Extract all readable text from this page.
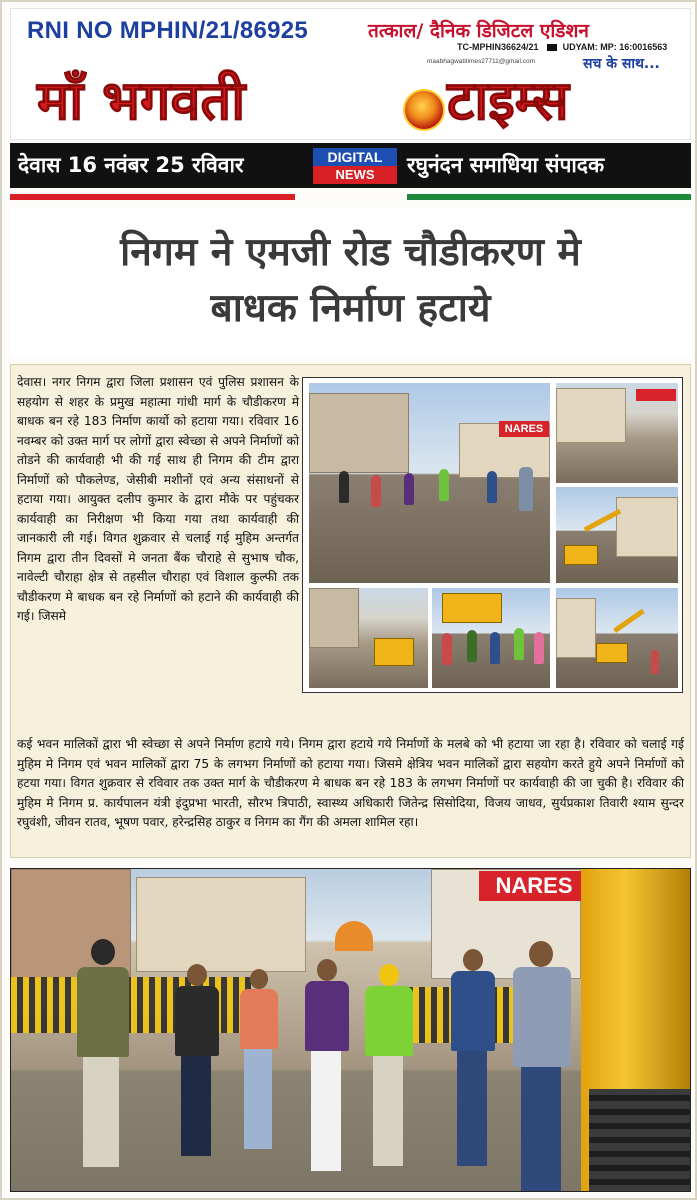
RNI NO MPHIN/21/86925	तत्काल/ दैनिक डिजिटल एडिशन
TC-MPHIN36624/21	UDYAM: MP: 16:0016563
maabhagwatitimes27711@gmail.com	सच के साथ...
माँ भगवती	टाइम्स
देवास 16 नवंबर 25 रविवार	DIGITAL
NEWS	रघुनंदन समाधिया संपादक
निगम ने एमजी रोड चौडीकरण मे
बाधक निर्माण हटाये
देवास। नगर निगम द्वारा जिला प्रशासन एवं पुलिस प्रशासन के सहयोग से शहर के प्रमुख महात्मा गांधी मार्ग के चौडीकरण मे बाधक बन रहे 183 निर्माण कार्यो को हटाया गया। रविवार 16 नवम्बर को उक्त मार्ग पर लोगों द्वारा स्वेच्छा से अपने निर्माणों को तोडने की कार्यवाही भी की गई साथ ही निगम की टीम द्वारा निर्माणों को पौकलेण्ड, जेसीबी मशीनों एवं अन्य संसाधनों से हटाया गया। आयुक्त दलीप कुमार के द्वारा मौके पर पहुंचकर कार्यवाही का निरीक्षण भी किया गया तथा कार्यवाही की जानकारी ली गई। विगत शुक्रवार से चलाई गई मुहिम अन्तर्गत निगम द्वारा तीन दिवसों मे जनता बैंक चौराहे से सुभाष चौक, नावेल्टी चौराहा क्षेत्र से तहसील चौराहा एवं विशाल कुल्फी तक चौडीकरण मे बाधक बन रहे निर्माणों को हटाने की कार्यवाही की गई। जिसमे
कई भवन मालिकों द्वारा भी स्वेच्छा से अपने निर्माण हटाये गये। निगम द्वारा हटाये गये निर्माणों के मलबे को भी हटाया जा रहा है। रविवार को चलाई गई मुहिम मे निगम एवं भवन मालिकों द्वारा 75 के लगभग निर्माणों को हटाया गया। जिसमे क्षेत्रिय भवन मालिकों द्वारा सहयोग करते हुये अपने निर्माणों को हटया गया। विगत शुक्रवार से रविवार तक उक्त मार्ग के चौडीकरण मे बाधक बन रहे 183 के लगभग निर्माणों पर कार्यवाही की जा चुकी है। रविवार की मुहिम मे निगम प्र. कार्यपालन यंत्री इंदुप्रभा भारती, सौरभ त्रिपाठी, स्वास्थ्य अधिकारी जितेन्द्र सिसोदिया, विजय जाधव, सुर्यप्रकाश तिवारी श्याम सुन्दर रघुवंशी, जीवन रातव, भूषण पवार, हरेन्द्रसिह ठाकुर व निगम का गैंग की अमला शामिल रहा।
NARES
NARES
